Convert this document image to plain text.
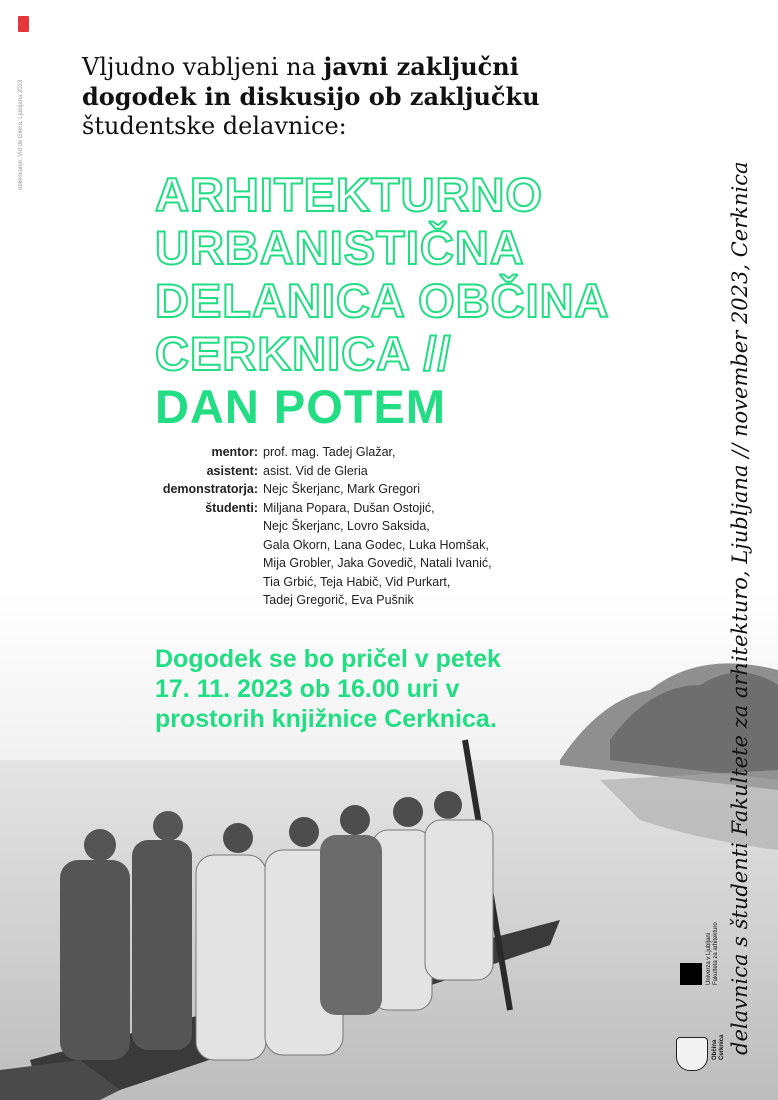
oblikovanje: Vid de Gleria, Ljubljana 2023
Vljudno vabljeni na javni zaključni
dogodek in diskusijo ob zaključku
študentske delavnice:
ARHITEKTURNO
URBANISTIČNA
DELANICA OBČINA
CERKNICA //
DAN POTEM
mentor:	prof. mag. Tadej Glažar,
asistent:	asist. Vid de Gleria
demonstratorja:	Nejc Škerjanc, Mark Gregori
študenti:	Miljana Popara, Dušan Ostojić,
	Nejc Škerjanc, Lovro Saksida,
	Gala Okorn, Lana Godec, Luka Homšak,
	Mija Grobler, Jaka Govedič, Natali Ivanić,
	Tia Grbić, Teja Habič, Vid Purkart,
	Tadej Gregorič, Eva Pušnik
Dogodek se bo pričel v petek
17. 11. 2023 ob 16.00 uri v
prostorih knjižnice Cerknica.	delavnica s študenti Fakultete za arhitekturo, Ljubljana // november 2023, Cerknica
Univerza v Ljubljani
Fakulteta za arhitekturo
Občina
Cerknica
